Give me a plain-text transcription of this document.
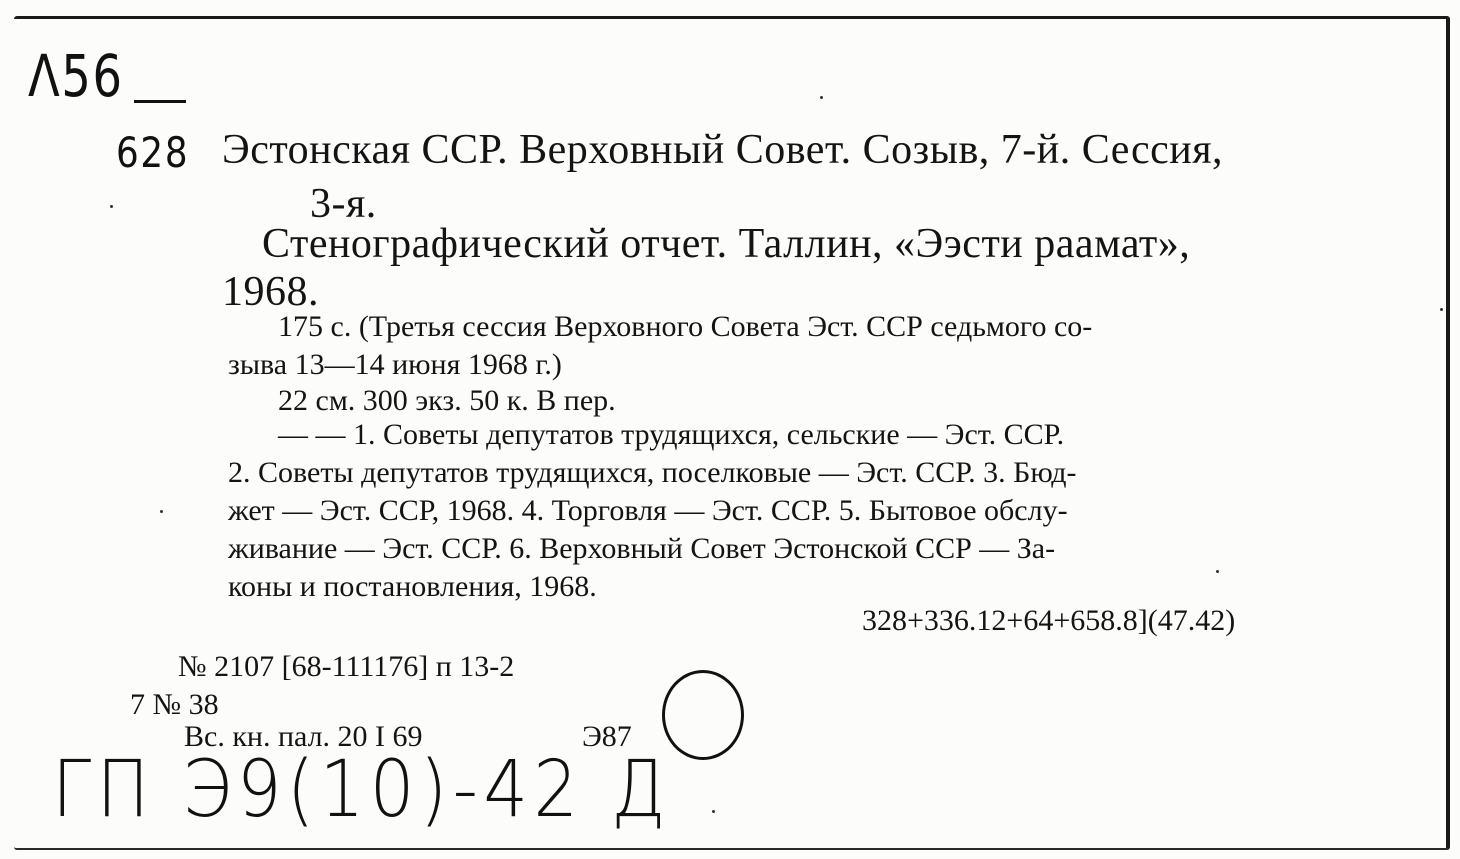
Λ56
628 Эстонская ССР. Верховный Совет. Созыв, 7-й. Сессия,
3-я.
Стенографический отчет. Таллин, «Ээсти раамат»,
1968.
175 с. (Третья сессия Верховного Совета Эст. ССР седьмого со-
зыва 13—14 июня 1968 г.)
22 см. 300 экз. 50 к. В пер.
— — 1. Советы депутатов трудящихся, сельские — Эст. ССР.
2. Советы депутатов трудящихся, поселковые — Эст. ССР. 3. Бюд-
жет — Эст. ССР, 1968. 4. Торговля — Эст. ССР. 5. Бытовое обслу-
живание — Эст. ССР. 6. Верховный Совет Эстонской ССР — За-
коны и постановления, 1968.
328+336.12+64+658.8](47.42)
№ 2107 [68-111176] п 13-2
7 № 38
Вс. кн. пал. 20 I 69	Э87
ГП Э9(10)-42 Д
